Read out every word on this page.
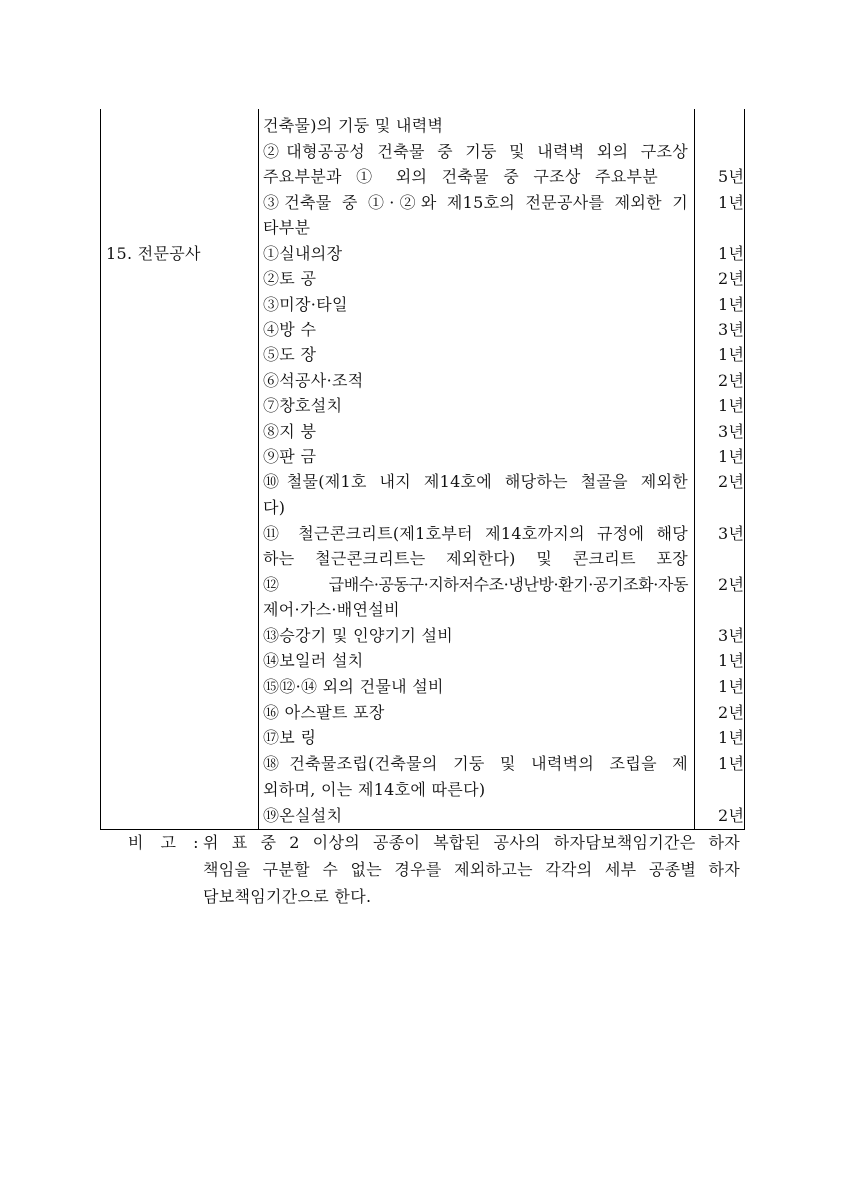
15. 전문공사
건축물)의 기둥 및 내력벽
②대형공공성 건축물 중 기둥 및 내력벽 외의 구조상
주요부분과 ① 외의 건축물 중 구조상 주요부분	5년
③건축물 중 ①·②와 제15호의 전문공사를 제외한 기 1년
타부분
①실내의장	1년
②토 공	2년
③미장·타일	1년
④방 수	3년
⑤도 장	1년
⑥석공사·조적	2년
⑦창호설치	1년
⑧지 붕	3년
⑨판 금	1년
⑩철물(제1호 내지 제14호에 해당하는 철골을 제외한 2년
다)
⑪ 철근콘크리트(제1호부터 제14호까지의 규정에 해당 3년
하는 철근콘크리트는 제외한다) 및 콘크리트 포장
⑫급배수·공동구·지하저수조·냉난방·환기·공기조화·자동 2년
제어·가스·배연설비
⑬승강기 및 인양기기 설비	3년
⑭보일러 설치	1년
⑮⑫·⑭ 외의 건물내 설비	1년
⑯ 아스팔트 포장	2년
⑰보 링	1년
⑱건축물조립(건축물의 기둥 및 내력벽의 조립을 제 1년
외하며, 이는 제14호에 따른다)
⑲온실설치	2년
비 고 :
위 표 중 2 이상의 공종이 복합된 공사의 하자담보책임기간은 하자
책임을 구분할 수 없는 경우를 제외하고는 각각의 세부 공종별 하자
담보책임기간으로 한다.
